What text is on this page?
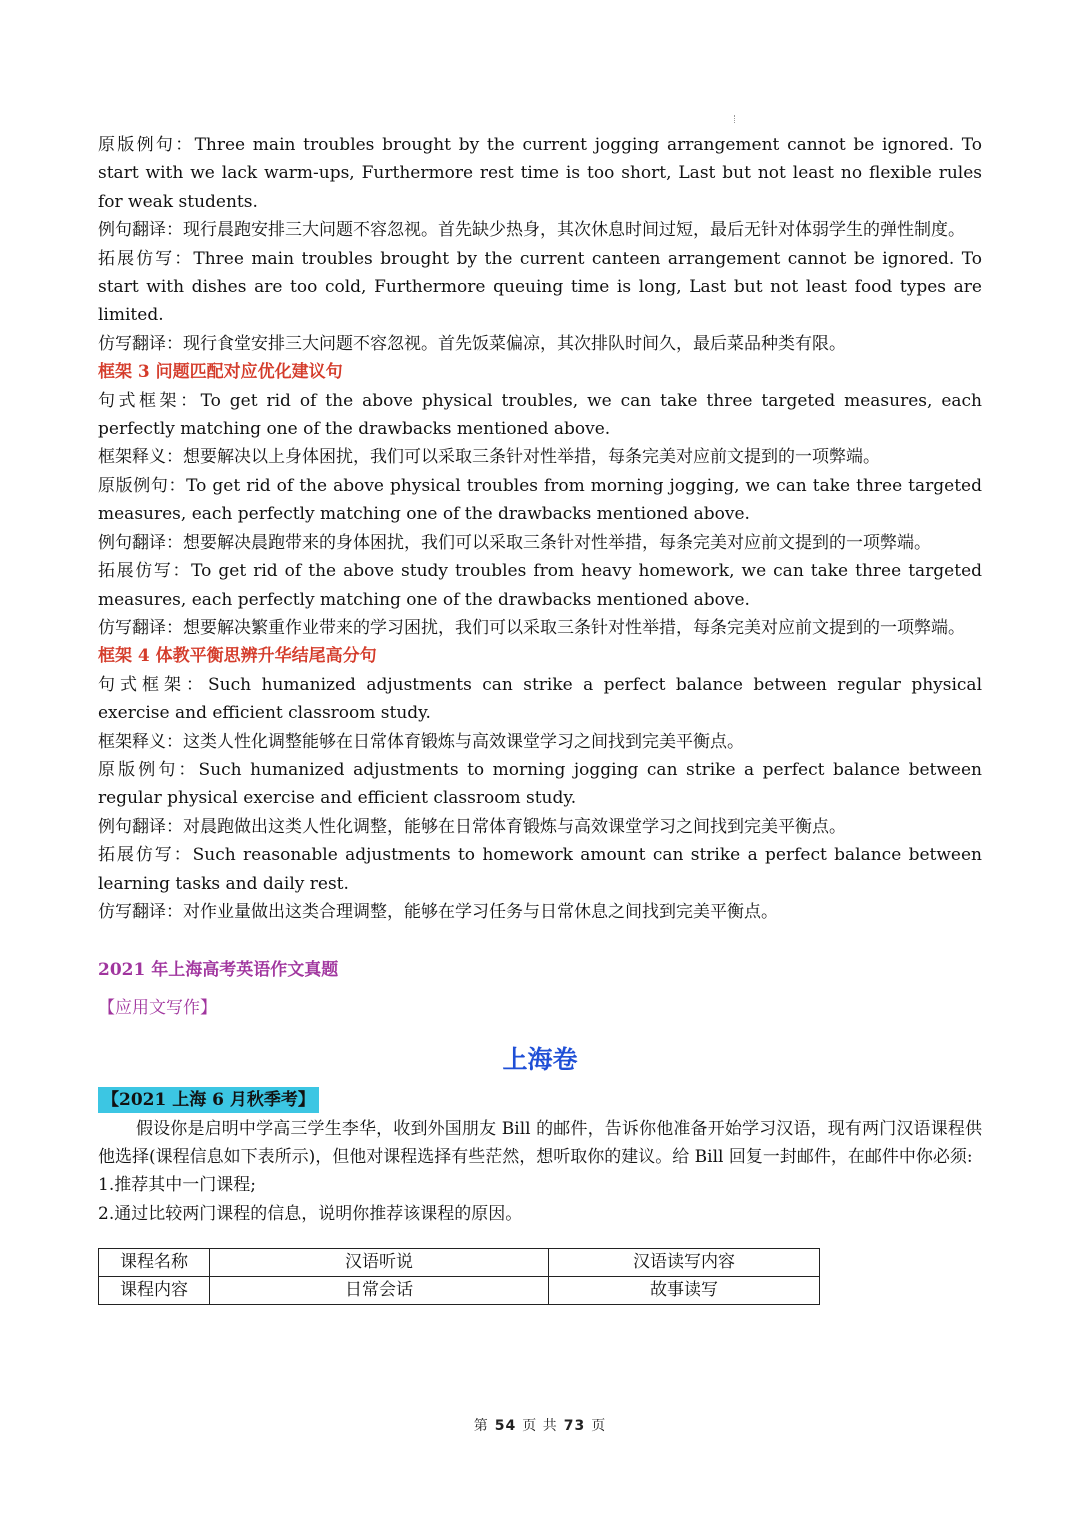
原版例句：Three main troubles brought by the current jogging arrangement cannot be ignored. To start with we lack warm-ups, Furthermore rest time is too short, Last but not least no flexible rules for weak students.

例句翻译：现行晨跑安排三大问题不容忽视。首先缺少热身，其次休息时间过短，最后无针对体弱学生的弹性制度。

拓展仿写：Three main troubles brought by the current canteen arrangement cannot be ignored. To start with dishes are too cold, Furthermore queuing time is long, Last but not least food types are limited.

仿写翻译：现行食堂安排三大问题不容忽视。首先饭菜偏凉，其次排队时间久，最后菜品种类有限。

框架 3 问题匹配对应优化建议句

句式框架：To get rid of the above physical troubles, we can take three targeted measures, each perfectly matching one of the drawbacks mentioned above.

框架释义：想要解决以上身体困扰，我们可以采取三条针对性举措，每条完美对应前文提到的一项弊端。

原版例句：To get rid of the above physical troubles from morning jogging, we can take three targeted measures, each perfectly matching one of the drawbacks mentioned above.

例句翻译：想要解决晨跑带来的身体困扰，我们可以采取三条针对性举措，每条完美对应前文提到的一项弊端。

拓展仿写：To get rid of the above study troubles from heavy homework, we can take three targeted measures, each perfectly matching one of the drawbacks mentioned above.

仿写翻译：想要解决繁重作业带来的学习困扰，我们可以采取三条针对性举措，每条完美对应前文提到的一项弊端。

框架 4 体教平衡思辨升华结尾高分句

句式框架：Such humanized adjustments can strike a perfect balance between regular physical exercise and efficient classroom study.

框架释义：这类人性化调整能够在日常体育锻炼与高效课堂学习之间找到完美平衡点。

原版例句：Such humanized adjustments to morning jogging can strike a perfect balance between regular physical exercise and efficient classroom study.

例句翻译：对晨跑做出这类人性化调整，能够在日常体育锻炼与高效课堂学习之间找到完美平衡点。

拓展仿写：Such reasonable adjustments to homework amount can strike a perfect balance between learning tasks and daily rest.

仿写翻译：对作业量做出这类合理调整，能够在学习任务与日常休息之间找到完美平衡点。

2021 年上海高考英语作文真题

【应用文写作】

上海卷

【2021 上海 6 月秋季考】

假设你是启明中学高三学生李华，收到外国朋友 Bill 的邮件，告诉你他准备开始学习汉语，现有两门汉语课程供他选择(课程信息如下表所示)，但他对课程选择有些茫然，想听取你的建议。给 Bill 回复一封邮件，在邮件中你必须:

1.推荐其中一门课程;

2.通过比较两门课程的信息，说明你推荐该课程的原因。

课程名称	汉语听说	汉语读写内容
课程内容	日常会话	故事读写
第 54 页 共 73 页
